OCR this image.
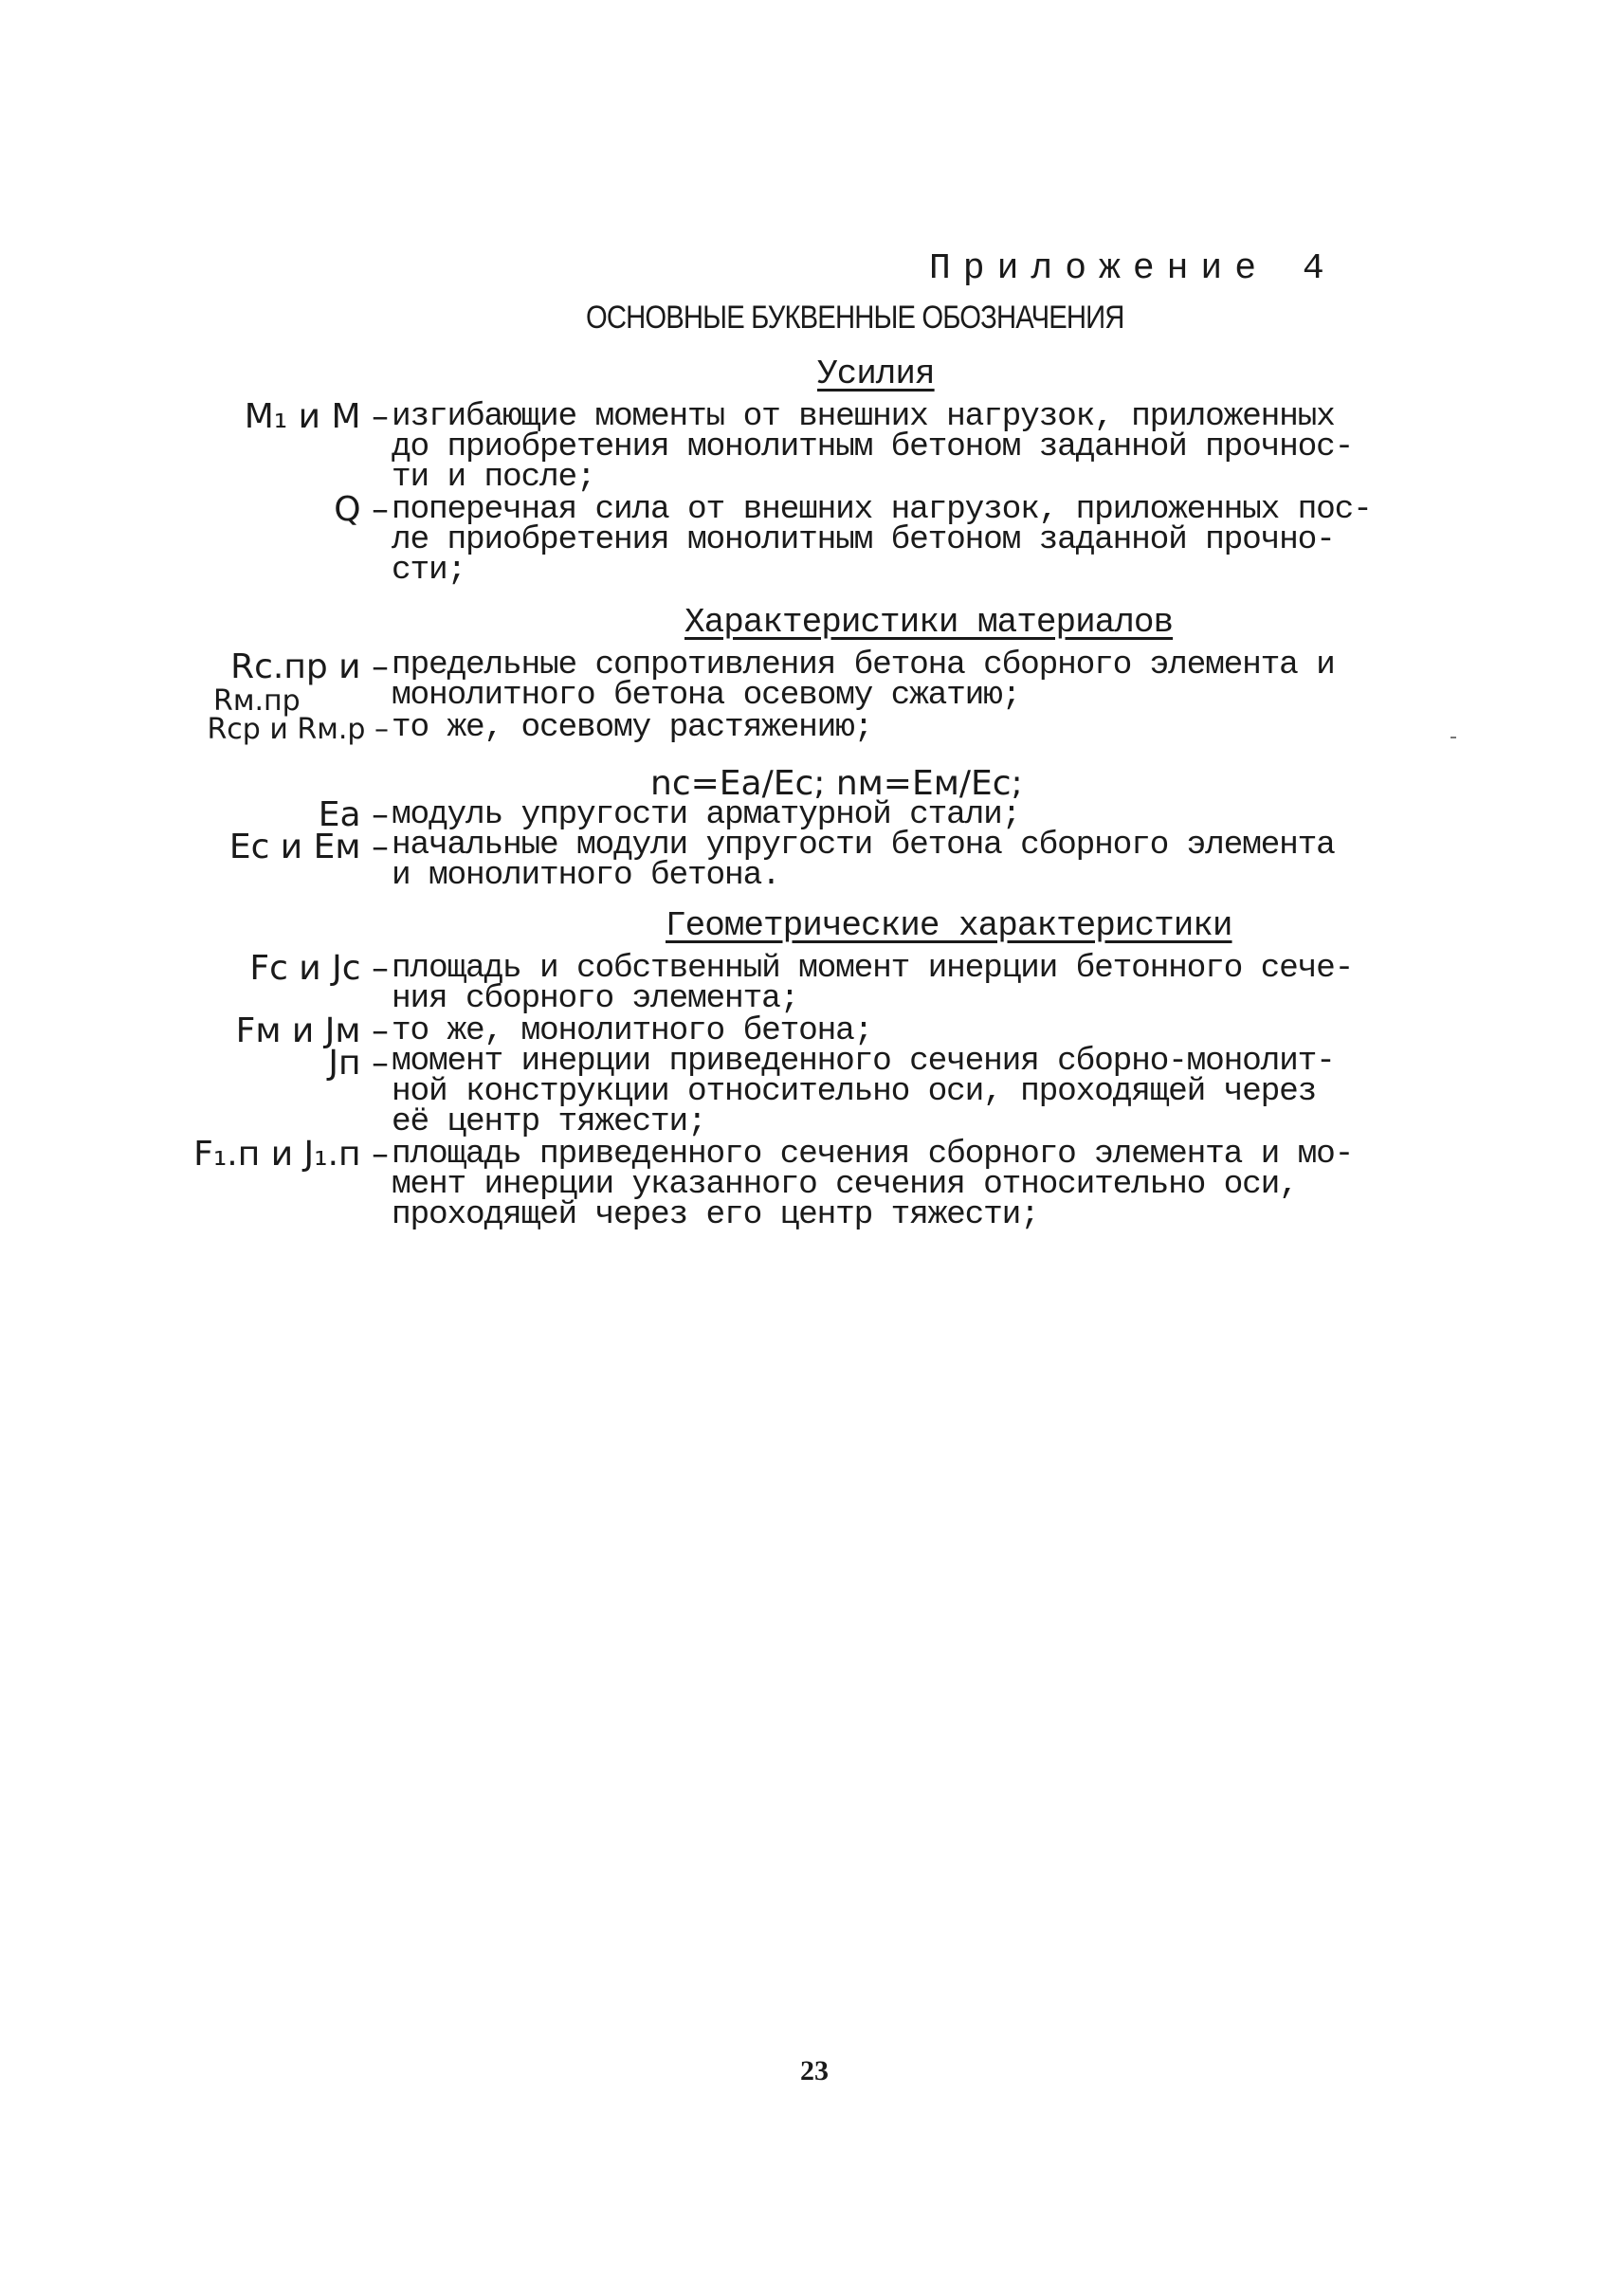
Приложение 4
ОСНОВНЫЕ БУКВЕННЫЕ ОБОЗНАЧЕНИЯ
Усилия
M₁ и M – изгибающие моменты от внешних нагрузок, приложенных
до приобретения монолитным бетоном заданной прочнос-
ти и после;
Q – поперечная сила от внешних нагрузок, приложенных пос-
ле приобретения монолитным бетоном заданной прочно-
сти;
Характеристики материалов
Rс.пр и –
Rм.пр
предельные сопротивления бетона сборного элемента и
монолитного бетона осевому сжатию;
Rср и Rм.р – то же, осевому растяжению;
nс=Eа/Eс; nм=Eм/Eс;
Eа – модуль упругости арматурной стали;
Eс и Eм – начальные модули упругости бетона сборного элемента
и монолитного бетона.
Геометрические характеристики
Fс и Jс – площадь и собственный момент инерции бетонного сече-
ния сборного элемента;
Fм и Jм – то же, монолитного бетона;
Jп – момент инерции приведенного сечения сборно-монолит-
ной конструкции относительно оси, проходящей через
её центр тяжести;
F₁.п и J₁.п – площадь приведенного сечения сборного элемента и мо-
мент инерции указанного сечения относительно оси,
проходящей через его центр тяжести;
23
